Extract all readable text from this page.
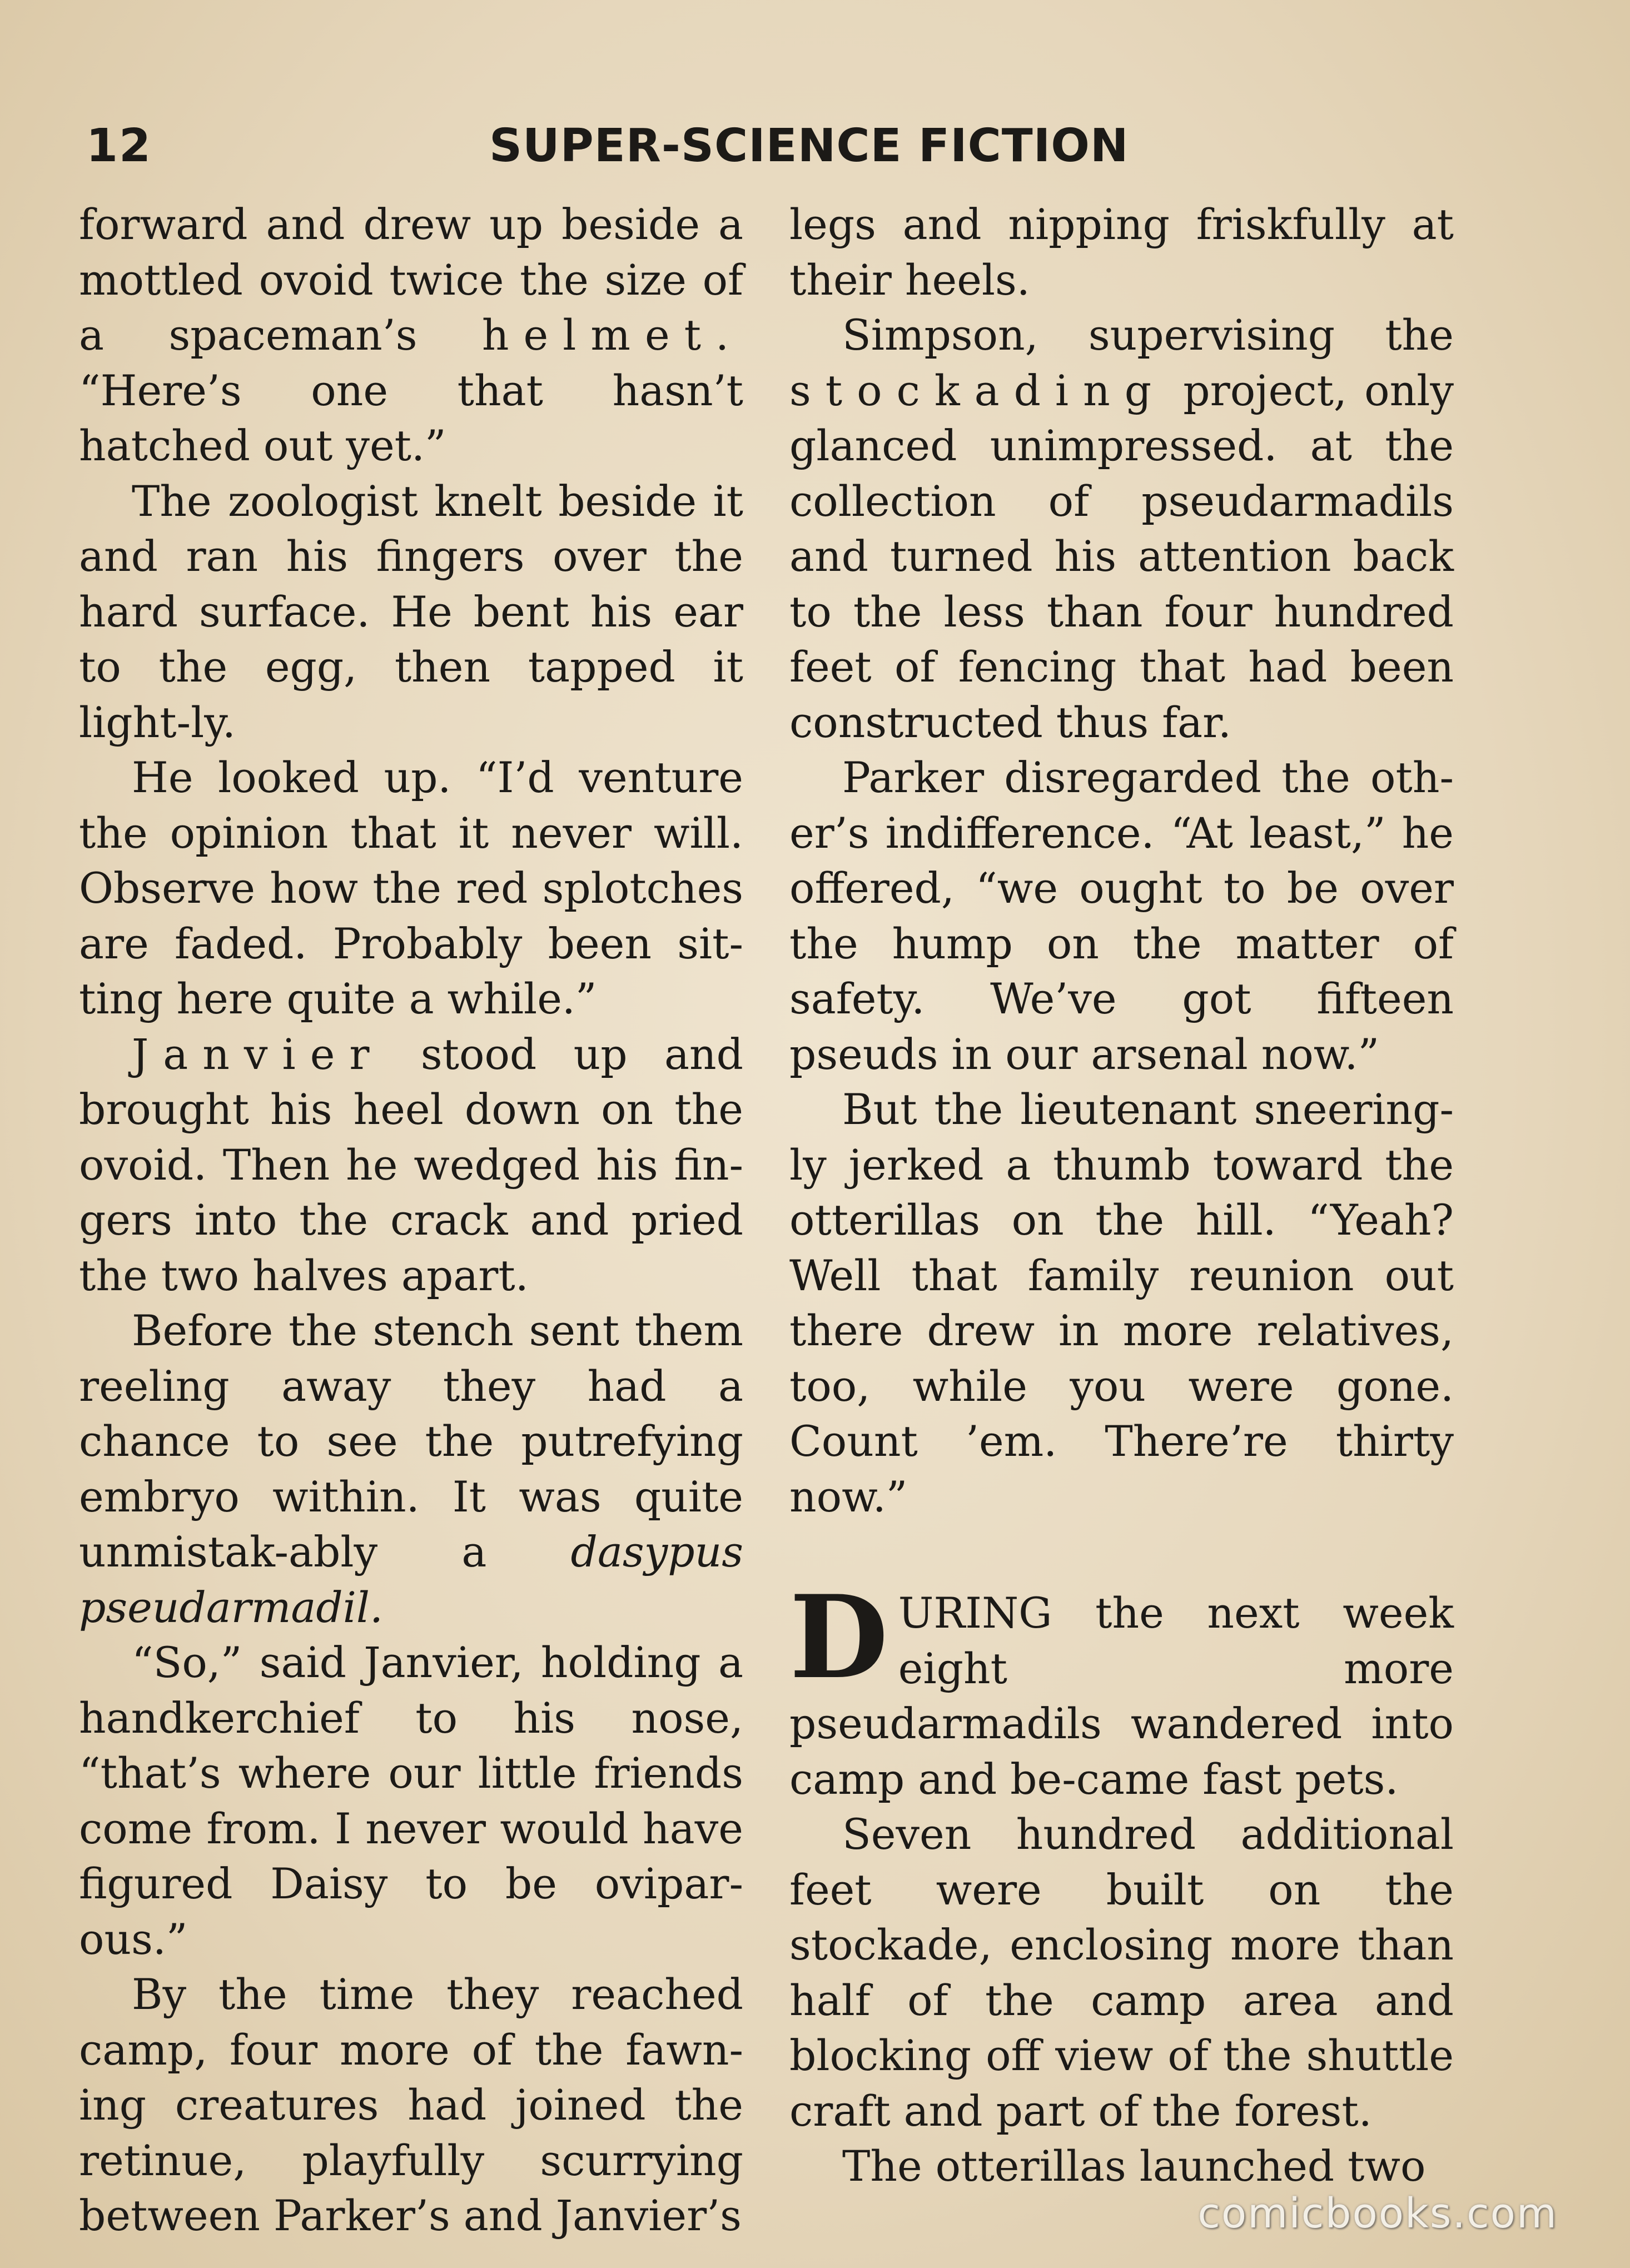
12	SUPER-SCIENCE FICTION

forward and drew up beside a mottled ovoid twice the size of a spaceman’s helmet. “Here’s one that hasn’t hatched out yet.”

The zoologist knelt beside it and ran his fingers over the hard surface. He bent his ear to the egg, then tapped it light-ly.

He looked up. “I’d venture the opinion that it never will. Observe how the red splotches are faded. Probably been sit-ting here quite a while.”

Janvier stood up and brought his heel down on the ovoid. Then he wedged his fin-gers into the crack and pried the two halves apart.

Before the stench sent them reeling away they had a chance to see the putrefying embryo within. It was quite unmistak-ably a dasypus pseudarmadil.

“So,” said Janvier, holding a handkerchief to his nose, “that’s where our little friends come from. I never would have figured Daisy to be ovipar-ous.”

By the time they reached camp, four more of the fawn-ing creatures had joined the retinue, playfully scurrying between Parker’s and Janvier’s

legs and nipping friskfully at their heels.

Simpson, supervising the stockading project, only glanced unimpressed. at the collection of pseudarmadils and turned his attention back to the less than four hundred feet of fencing that had been constructed thus far.

Parker disregarded the oth-er’s indifference. “At least,” he offered, “we ought to be over the hump on the matter of safety. We’ve got fifteen pseuds in our arsenal now.”

But the lieutenant sneering-ly jerked a thumb toward the otterillas on the hill. “Yeah? Well that family reunion out there drew in more relatives, too, while you were gone. Count ’em. There’re thirty now.”

DURING the next week eight more pseudarmadils wandered into camp and be-came fast pets.

Seven hundred additional feet were built on the stockade, enclosing more than half of the camp area and blocking off view of the shuttle craft and part of the forest.

The otterillas launched two

comicbooks.com
